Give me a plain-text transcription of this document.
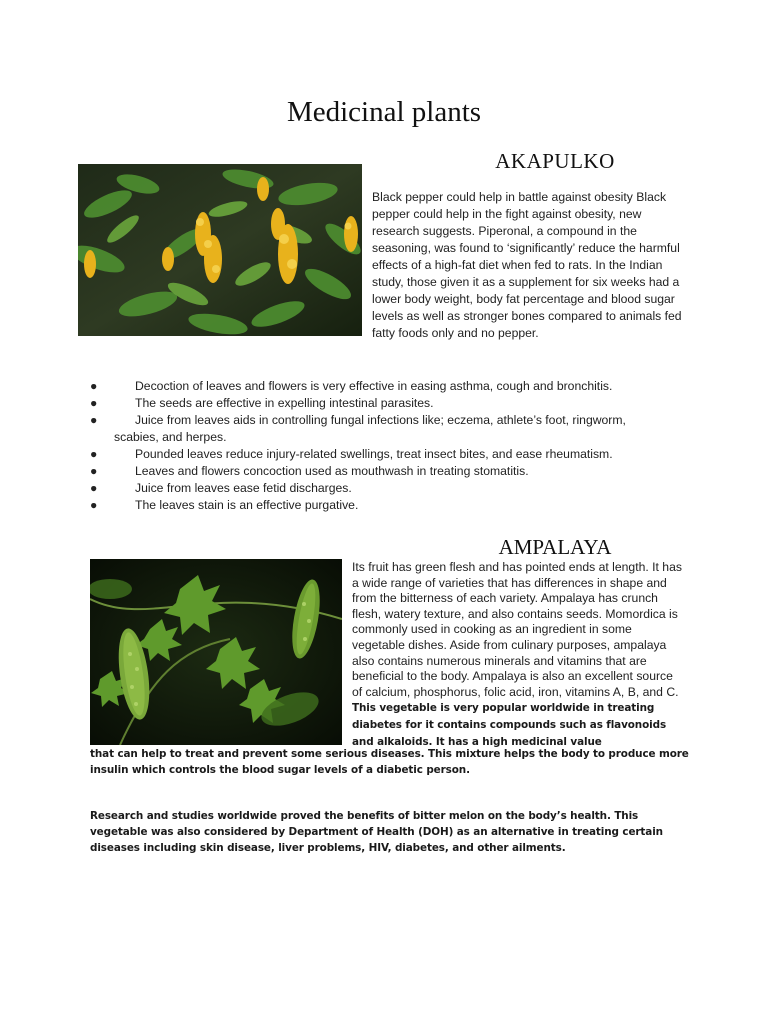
Medicinal plants
AKAPULKO
Black pepper could help in battle against obesity Black pepper could help in the fight against obesity, new research suggests. Piperonal, a compound in the seasoning, was found to ‘significantly’ reduce the harmful effects of a high-fat diet when fed to rats. In the Indian study, those given it as a supplement for six weeks had a lower body weight, body fat percentage and blood sugar levels as well as stronger bones compared to animals fed fatty foods only and no pepper.
●	Decoction of leaves and flowers is very effective in easing asthma, cough and bronchitis.
●	The seeds are effective in expelling intestinal parasites.
●	Juice from leaves aids in controlling fungal infections like; eczema, athlete’s foot, ringworm,
scabies, and herpes.
●	Pounded leaves reduce injury-related swellings, treat insect bites, and ease rheumatism.
●	Leaves and flowers concoction used as mouthwash in treating stomatitis.
●	Juice from leaves ease fetid discharges.
●	The leaves stain is an effective purgative.
AMPALAYA
Its fruit has green flesh and has pointed ends at length. It has a wide range of varieties that has differences in shape and from the bitterness of each variety. Ampalaya has crunch flesh, watery texture, and also contains seeds. Momordica is commonly used in cooking as an ingredient in some vegetable dishes. Aside from culinary purposes, ampalaya also contains numerous minerals and vitamins that are beneficial to the body. Ampalaya is also an excellent source of calcium, phosphorus, folic acid, iron, vitamins A, B, and C. This vegetable is very popular worldwide in treating diabetes for it contains compounds such as flavonoids and alkaloids. It has a high medicinal value
that can help to treat and prevent some serious diseases. This mixture helps the body to produce more insulin which controls the blood sugar levels of a diabetic person.
Research and studies worldwide proved the benefits of bitter melon on the body’s health. This vegetable was also considered by Department of Health (DOH) as an alternative in treating certain diseases including skin disease, liver problems, HIV, diabetes, and other ailments.
